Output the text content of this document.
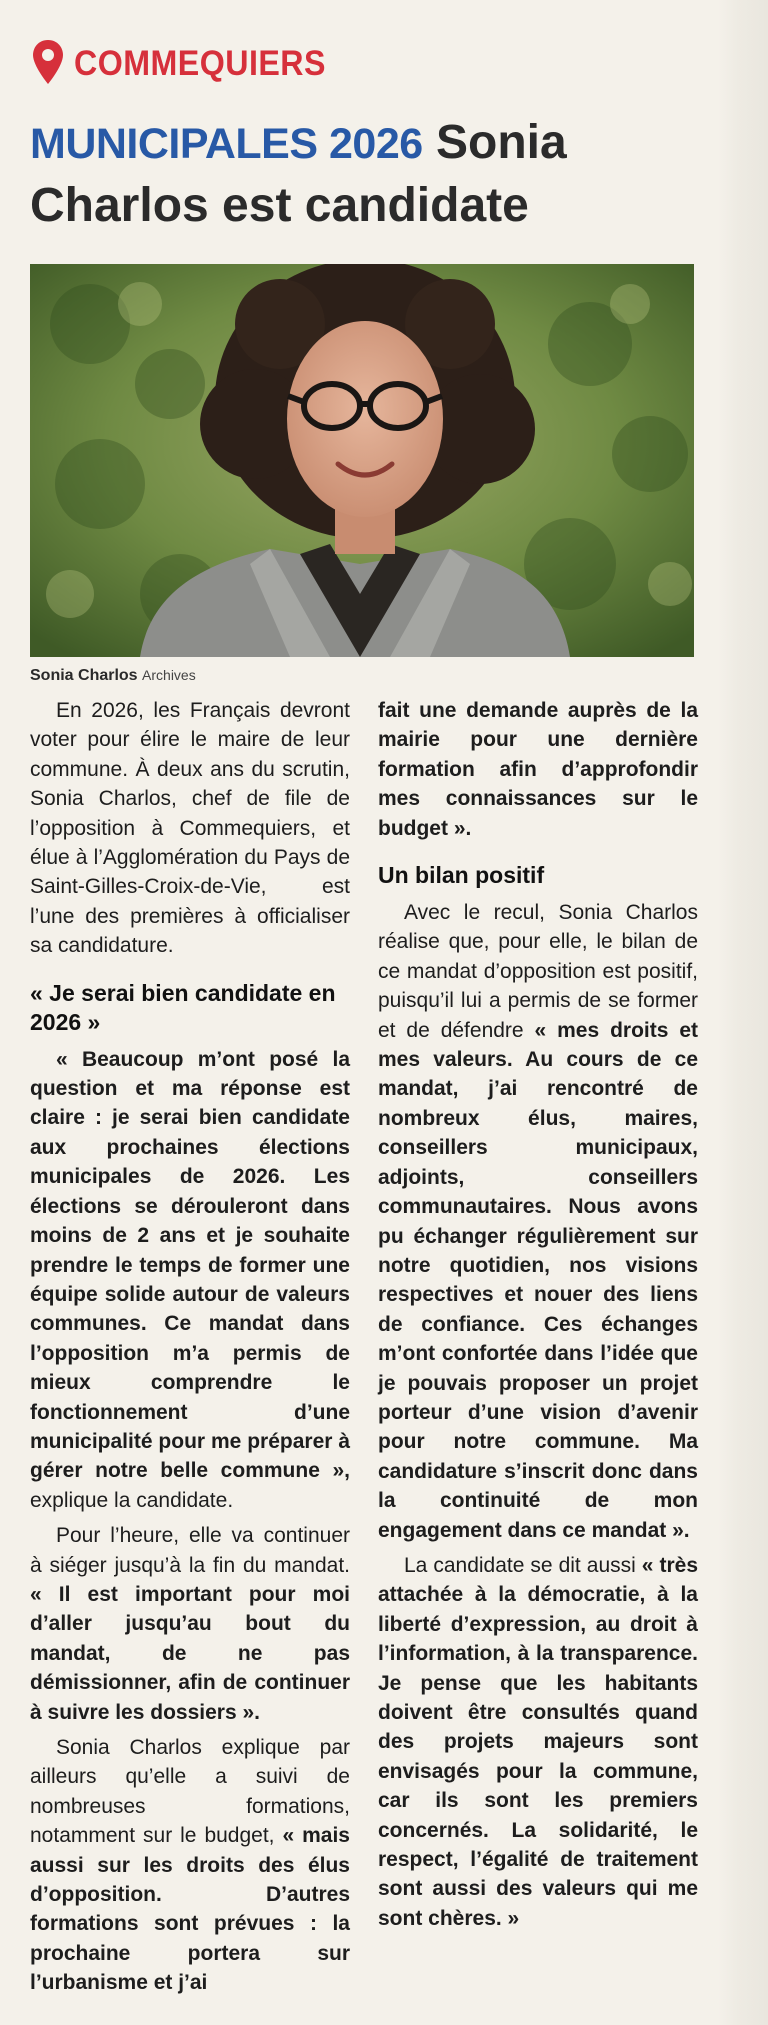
COMMEQUIERS
MUNICIPALES 2026 Sonia Charlos est candidate
Sonia Charlos Archives

En 2026, les Français devront voter pour élire le maire de leur commune. À deux ans du scrutin, Sonia Charlos, chef de file de l’opposition à Commequiers, et élue à l’Agglomération du Pays de Saint-Gilles-Croix-de-Vie, est l’une des premières à officialiser sa candidature.

« Je serai bien candidate en 2026 »

« Beaucoup m’ont posé la question et ma réponse est claire : je serai bien candidate aux prochaines élections municipales de 2026. Les élections se dérouleront dans moins de 2 ans et je souhaite prendre le temps de former une équipe solide autour de valeurs communes. Ce mandat dans l’opposition m’a permis de mieux comprendre le fonctionnement d’une municipalité pour me préparer à gérer notre belle commune », explique la candidate.

Pour l’heure, elle va continuer à siéger jusqu’à la fin du mandat. « Il est important pour moi d’aller jusqu’au bout du mandat, de ne pas démissionner, afin de continuer à suivre les dossiers ».

Sonia Charlos explique par ailleurs qu’elle a suivi de nombreuses formations, notamment sur le budget, « mais aussi sur les droits des élus d’opposition. D’autres formations sont prévues : la prochaine portera sur l’urbanisme et j’ai

fait une demande auprès de la mairie pour une dernière formation afin d’approfondir mes connaissances sur le budget ».

Un bilan positif

Avec le recul, Sonia Charlos réalise que, pour elle, le bilan de ce mandat d’opposition est positif, puisqu’il lui a permis de se former et de défendre « mes droits et mes valeurs. Au cours de ce mandat, j’ai rencontré de nombreux élus, maires, conseillers municipaux, adjoints, conseillers communautaires. Nous avons pu échanger régulièrement sur notre quotidien, nos visions respectives et nouer des liens de confiance. Ces échanges m’ont confortée dans l’idée que je pouvais proposer un projet porteur d’une vision d’avenir pour notre commune. Ma candidature s’inscrit donc dans la continuité de mon engagement dans ce mandat ».

La candidate se dit aussi « très attachée à la démocratie, à la liberté d’expression, au droit à l’information, à la transparence. Je pense que les habitants doivent être consultés quand des projets majeurs sont envisagés pour la commune, car ils sont les premiers concernés. La solidarité, le respect, l’égalité de traitement sont aussi des valeurs qui me sont chères. »
